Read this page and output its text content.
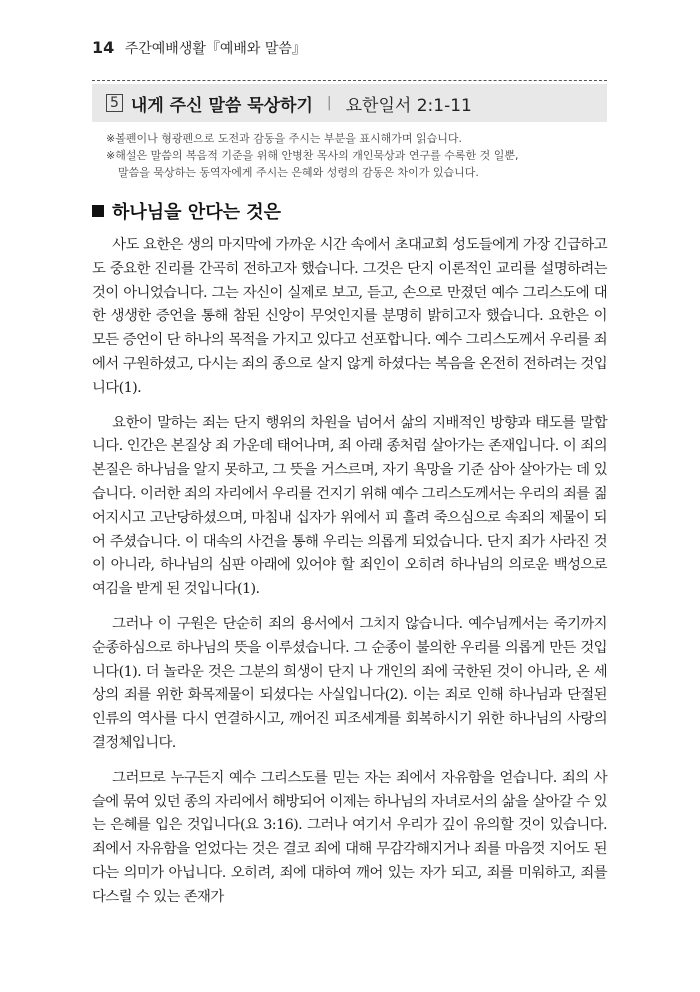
14 주간예배생활『예배와 말씀』
5 내게 주신 말씀 묵상하기 | 요한일서 2:1-11

※볼펜이나 형광펜으로 도전과 감동을 주시는 부분을 표시해가며 읽습니다.

※해설은 말씀의 복음적 기준을 위해 안병찬 목사의 개인묵상과 연구를 수록한 것 일뿐,

말씀을 묵상하는 동역자에게 주시는 은혜와 성령의 감동은 차이가 있습니다.

하나님을 안다는 것은

사도 요한은 생의 마지막에 가까운 시간 속에서 초대교회 성도들에게 가장 긴급하고도 중요한 진리를 간곡히 전하고자 했습니다. 그것은 단지 이론적인 교리를 설명하려는 것이 아니었습니다. 그는 자신이 실제로 보고, 듣고, 손으로 만졌던 예수 그리스도에 대한 생생한 증언을 통해 참된 신앙이 무엇인지를 분명히 밝히고자 했습니다. 요한은 이 모든 증언이 단 하나의 목적을 가지고 있다고 선포합니다. 예수 그리스도께서 우리를 죄에서 구원하셨고, 다시는 죄의 종으로 살지 않게 하셨다는 복음을 온전히 전하려는 것입니다(1).

요한이 말하는 죄는 단지 행위의 차원을 넘어서 삶의 지배적인 방향과 태도를 말합니다. 인간은 본질상 죄 가운데 태어나며, 죄 아래 종처럼 살아가는 존재입니다. 이 죄의 본질은 하나님을 알지 못하고, 그 뜻을 거스르며, 자기 욕망을 기준 삼아 살아가는 데 있습니다. 이러한 죄의 자리에서 우리를 건지기 위해 예수 그리스도께서는 우리의 죄를 짊어지시고 고난당하셨으며, 마침내 십자가 위에서 피 흘려 죽으심으로 속죄의 제물이 되어 주셨습니다. 이 대속의 사건을 통해 우리는 의롭게 되었습니다. 단지 죄가 사라진 것이 아니라, 하나님의 심판 아래에 있어야 할 죄인이 오히려 하나님의 의로운 백성으로 여김을 받게 된 것입니다(1).

그러나 이 구원은 단순히 죄의 용서에서 그치지 않습니다. 예수님께서는 죽기까지 순종하심으로 하나님의 뜻을 이루셨습니다. 그 순종이 불의한 우리를 의롭게 만든 것입니다(1). 더 놀라운 것은 그분의 희생이 단지 나 개인의 죄에 국한된 것이 아니라, 온 세상의 죄를 위한 화목제물이 되셨다는 사실입니다(2). 이는 죄로 인해 하나님과 단절된 인류의 역사를 다시 연결하시고, 깨어진 피조세계를 회복하시기 위한 하나님의 사랑의 결정체입니다.

그러므로 누구든지 예수 그리스도를 믿는 자는 죄에서 자유함을 얻습니다. 죄의 사슬에 묶여 있던 종의 자리에서 해방되어 이제는 하나님의 자녀로서의 삶을 살아갈 수 있는 은혜를 입은 것입니다(요 3:16). 그러나 여기서 우리가 깊이 유의할 것이 있습니다. 죄에서 자유함을 얻었다는 것은 결코 죄에 대해 무감각해지거나 죄를 마음껏 지어도 된다는 의미가 아닙니다. 오히려, 죄에 대하여 깨어 있는 자가 되고, 죄를 미워하고, 죄를 다스릴 수 있는 존재가
